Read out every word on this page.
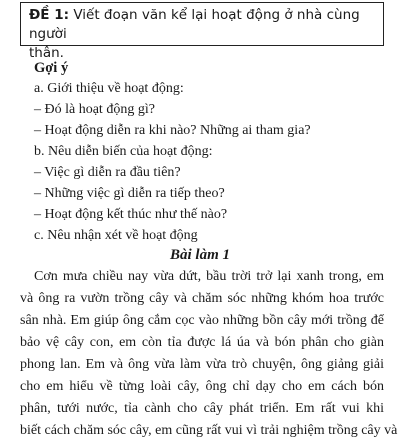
ĐỀ 1: Viết đoạn văn kể lại hoạt động ở nhà cùng người
thân.
Gợi ý
a. Giới thiệu về hoạt động:
– Đó là hoạt động gì?
– Hoạt động diễn ra khi nào? Những ai tham gia?
b. Nêu diễn biến của hoạt động:
– Việc gì diễn ra đầu tiên?
– Những việc gì diễn ra tiếp theo?
– Hoạt động kết thúc như thế nào?
c. Nêu nhận xét về hoạt động
Bài làm 1
Cơn mưa chiều nay vừa dứt, bầu trời trở lại xanh trong, em
và ông ra vườn trồng cây và chăm sóc những khóm hoa trước
sân nhà. Em giúp ông cắm cọc vào những bồn cây mới trồng để
bảo vệ cây con, em còn tỉa được lá úa và bón phân cho giàn
phong lan. Em và ông vừa làm vừa trò chuyện, ông giảng giải
cho em hiểu về từng loài cây, ông chỉ dạy cho em cách bón
phân, tưới nước, tỉa cành cho cây phát triển. Em rất vui khi
biết cách chăm sóc cây, em cũng rất vui vì trải nghiệm trồng cây và
